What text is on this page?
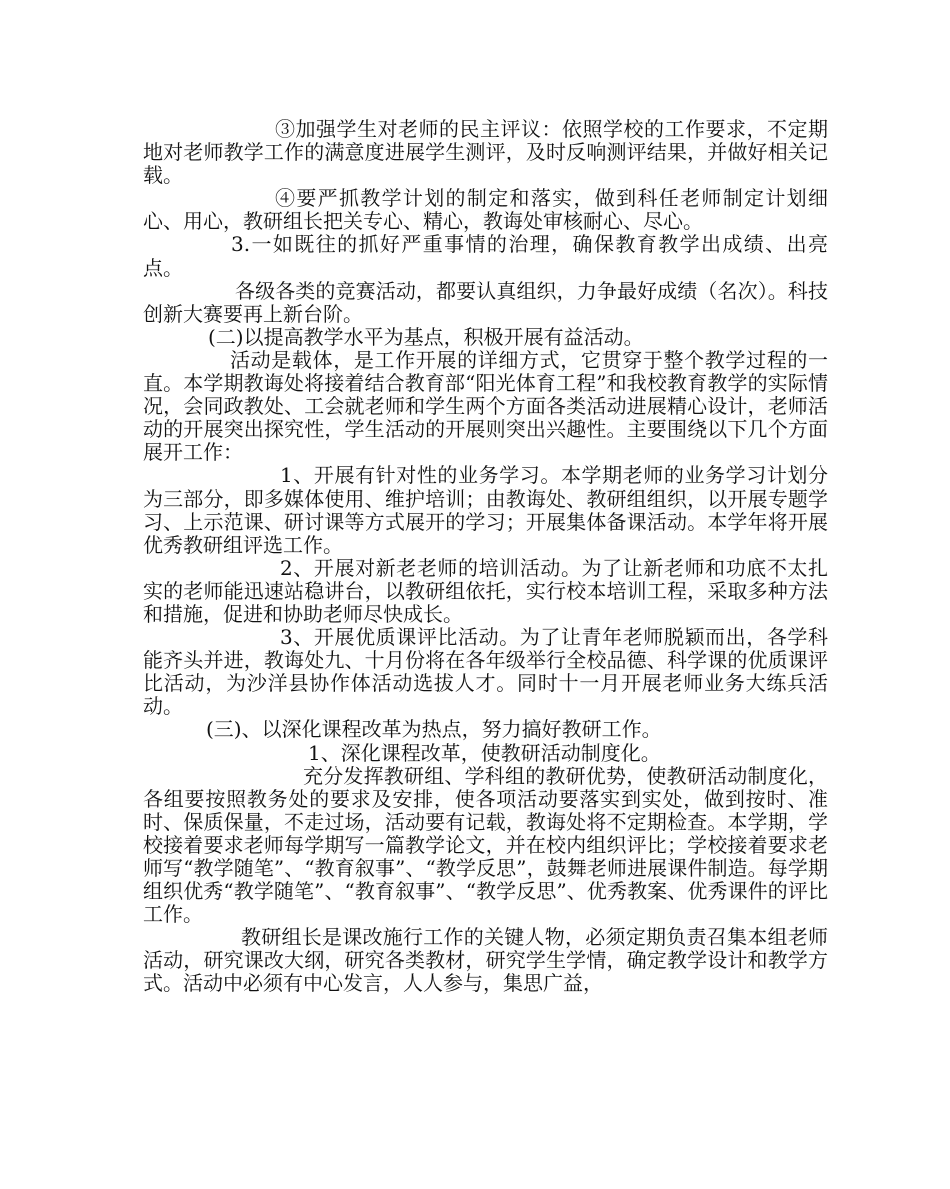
③加强学生对老师的民主评议：依照学校的工作要求，不定期地对老师教学工作的满意度进展学生测评，及时反响测评结果，并做好相关记载。

④要严抓教学计划的制定和落实，做到科任老师制定计划细心、用心，教研组长把关专心、精心，教诲处审核耐心、尽心。

3.一如既往的抓好严重事情的治理，确保教育教学出成绩、出亮点。

各级各类的竞赛活动，都要认真组织，力争最好成绩（名次）。科技创新大赛要再上新台阶。

(二)以提高教学水平为基点，积极开展有益活动。

活动是载体，是工作开展的详细方式，它贯穿于整个教学过程的一直。本学期教诲处将接着结合教育部“阳光体育工程”和我校教育教学的实际情况，会同政教处、工会就老师和学生两个方面各类活动进展精心设计，老师活动的开展突出探究性，学生活动的开展则突出兴趣性。主要围绕以下几个方面展开工作：

1、开展有针对性的业务学习。本学期老师的业务学习计划分为三部分，即多媒体使用、维护培训；由教诲处、教研组组织，以开展专题学习、上示范课、研讨课等方式展开的学习；开展集体备课活动。本学年将开展优秀教研组评选工作。

2、开展对新老老师的培训活动。为了让新老师和功底不太扎实的老师能迅速站稳讲台，以教研组依托，实行校本培训工程，采取多种方法和措施，促进和协助老师尽快成长。

3、开展优质课评比活动。为了让青年老师脱颖而出，各学科能齐头并进，教诲处九、十月份将在各年级举行全校品德、科学课的优质课评比活动，为沙洋县协作体活动选拔人才。同时十一月开展老师业务大练兵活动。

(三)、以深化课程改革为热点，努力搞好教研工作。

1、深化课程改革，使教研活动制度化。

充分发挥教研组、学科组的教研优势，使教研活动制度化，各组要按照教务处的要求及安排，使各项活动要落实到实处，做到按时、准时、保质保量，不走过场，活动要有记载，教诲处将不定期检查。本学期，学校接着要求老师每学期写一篇教学论文，并在校内组织评比；学校接着要求老师写“教学随笔”、“教育叙事”、“教学反思”，鼓舞老师进展课件制造。每学期组织优秀“教学随笔”、“教育叙事”、“教学反思”、优秀教案、优秀课件的评比工作。

教研组长是课改施行工作的关键人物，必须定期负责召集本组老师活动，研究课改大纲，研究各类教材，研究学生学情，确定教学设计和教学方式。活动中必须有中心发言，人人参与，集思广益，
